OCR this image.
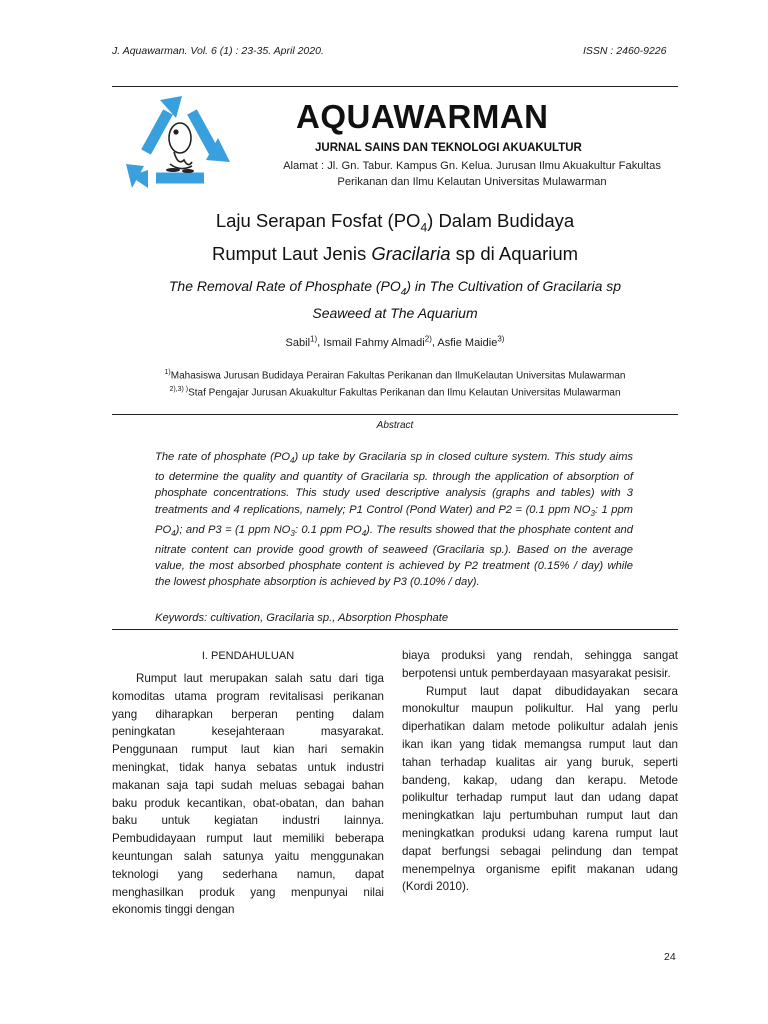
J. Aquawarman. Vol. 6 (1) : 23-35. April 2020.	ISSN : 2460-9226
AQUAWARMAN
JURNAL SAINS DAN TEKNOLOGI AKUAKULTUR
Alamat : Jl. Gn. Tabur. Kampus Gn. Kelua. Jurusan Ilmu Akuakultur Fakultas
Perikanan dan Ilmu Kelautan Universitas Mulawarman
Laju Serapan Fosfat $(PO_4)$ Dalam Budidaya
Rumput Laut Jenis Gracilaria sp di Aquarium
The Removal Rate of Phosphate $(PO_4)$ in The Cultivation of Gracilaria sp
Seaweed at The Aquarium
Sabil$^{1)}$, Ismail Fahmy Almadi$^{2)}$, Asfie Maidie$^{3)}$
$^{1)}$Mahasiswa Jurusan Budidaya Perairan Fakultas Perikanan dan IlmuKelautan Universitas Mulawarman
$^{2),3) )}$Staf Pengajar Jurusan Akuakultur Fakultas Perikanan dan Ilmu Kelautan Universitas Mulawarman
Abstract
The rate of phosphate $(PO_4)$ up take by Gracilaria sp in closed culture system. This study aims to determine the quality and quantity of Gracilaria sp. through the application of absorption of phosphate concentrations. This study used descriptive analysis (graphs and tables) with 3 treatments and 4 replications, namely; P1 Control (Pond Water) and P2 = (0.1 ppm $NO_3$: 1 ppm $PO_4$); and P3 = (1 ppm $NO_3$: 0.1 ppm $PO_4$). The results showed that the phosphate content and nitrate content can provide good growth of seaweed (Gracilaria sp.). Based on the average value, the most absorbed phosphate content is achieved by P2 treatment (0.15% / day) while the lowest phosphate absorption is achieved by P3 (0.10% / day).
Keywords: cultivation, Gracilaria sp., Absorption Phosphate
I. PENDAHULUAN

Rumput laut merupakan salah satu dari tiga komoditas utama program revitalisasi perikanan yang diharapkan berperan penting dalam peningkatan kesejahteraan masyarakat. Penggunaan rumput laut kian hari semakin meningkat, tidak hanya sebatas untuk industri makanan saja tapi sudah meluas sebagai bahan baku produk kecantikan, obat-obatan, dan bahan baku untuk kegiatan industri lainnya. Pembudidayaan rumput laut memiliki beberapa keuntungan salah satunya yaitu menggunakan teknologi yang sederhana namun, dapat menghasilkan produk yang menpunyai nilai ekonomis tinggi dengan

biaya produksi yang rendah, sehingga sangat berpotensi untuk pemberdayaan masyarakat pesisir.

Rumput laut dapat dibudidayakan secara monokultur maupun polikultur. Hal yang perlu diperhatikan dalam metode polikultur adalah jenis ikan ikan yang tidak memangsa rumput laut dan tahan terhadap kualitas air yang buruk, seperti bandeng, kakap, udang dan kerapu. Metode polikultur terhadap rumput laut dan udang dapat meningkatkan laju pertumbuhan rumput laut dan meningkatkan produksi udang karena rumput laut dapat berfungsi sebagai pelindung dan tempat menempelnya organisme epifit makanan udang (Kordi 2010).

24
